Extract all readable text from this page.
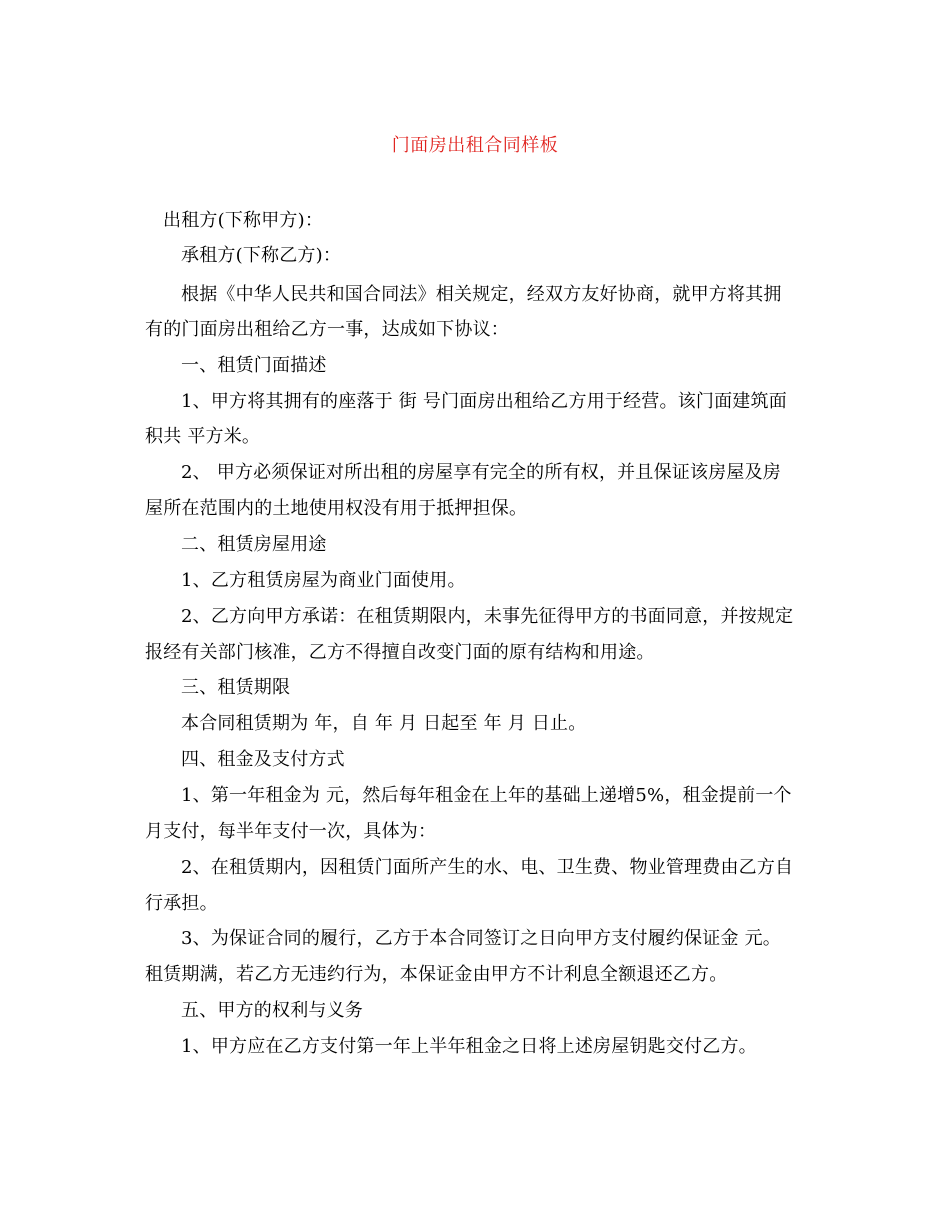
门面房出租合同样板
出租方(下称甲方)：
承租方(下称乙方)：
根据《中华人民共和国合同法》相关规定，经双方友好协商，就甲方将其拥
有的门面房出租给乙方一事，达成如下协议：
一、租赁门面描述
1、甲方将其拥有的座落于 街 号门面房出租给乙方用于经营。该门面建筑面
积共 平方米。
2、 甲方必须保证对所出租的房屋享有完全的所有权，并且保证该房屋及房
屋所在范围内的土地使用权没有用于抵押担保。
二、租赁房屋用途
1、乙方租赁房屋为商业门面使用。
2、乙方向甲方承诺：在租赁期限内，未事先征得甲方的书面同意，并按规定
报经有关部门核准，乙方不得擅自改变门面的原有结构和用途。
三、租赁期限
本合同租赁期为 年，自 年 月 日起至 年 月 日止。
四、租金及支付方式
1、第一年租金为 元，然后每年租金在上年的基础上递增5%，租金提前一个
月支付，每半年支付一次，具体为：
2、在租赁期内，因租赁门面所产生的水、电、卫生费、物业管理费由乙方自
行承担。
3、为保证合同的履行，乙方于本合同签订之日向甲方支付履约保证金 元。
租赁期满，若乙方无违约行为，本保证金由甲方不计利息全额退还乙方。
五、甲方的权利与义务
1、甲方应在乙方支付第一年上半年租金之日将上述房屋钥匙交付乙方。
